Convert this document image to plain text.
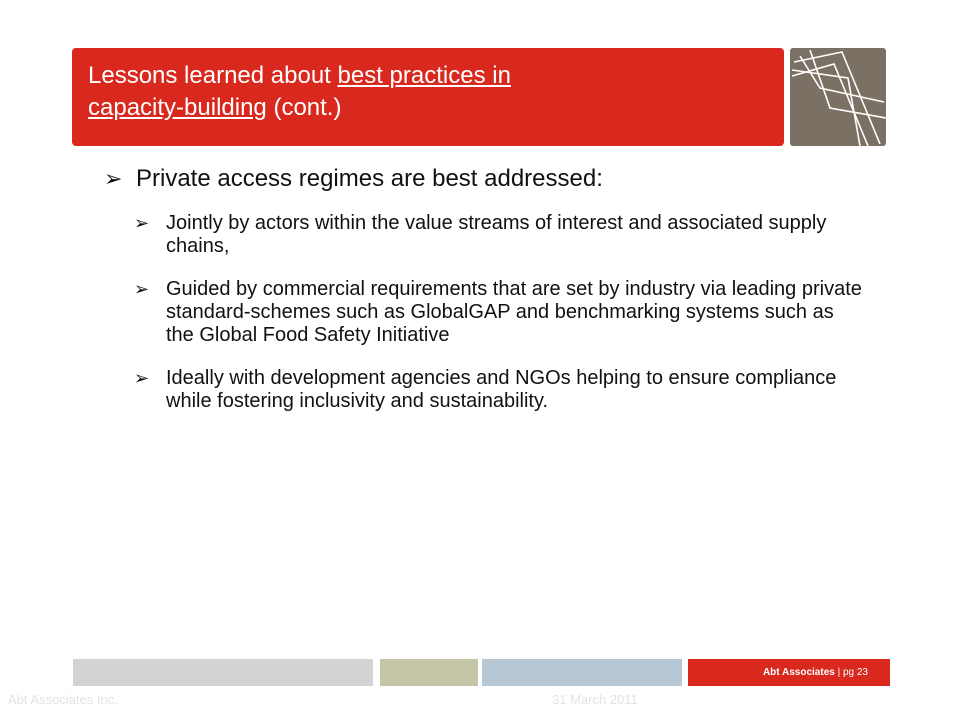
Lessons learned about best practices in
capacity-building (cont.)
➢ Private access regimes are best addressed:
➢ Jointly by actors within the value streams of interest and associated supply chains,
➢ Guided by commercial requirements that are set by industry via leading private standard-schemes such as GlobalGAP and benchmarking systems such as the Global Food Safety Initiative
➢ Ideally with development agencies and NGOs helping to ensure compliance while fostering inclusivity and sustainability.
Abt Associates | pg 23
Abt Associates Inc.	31 March 2011
